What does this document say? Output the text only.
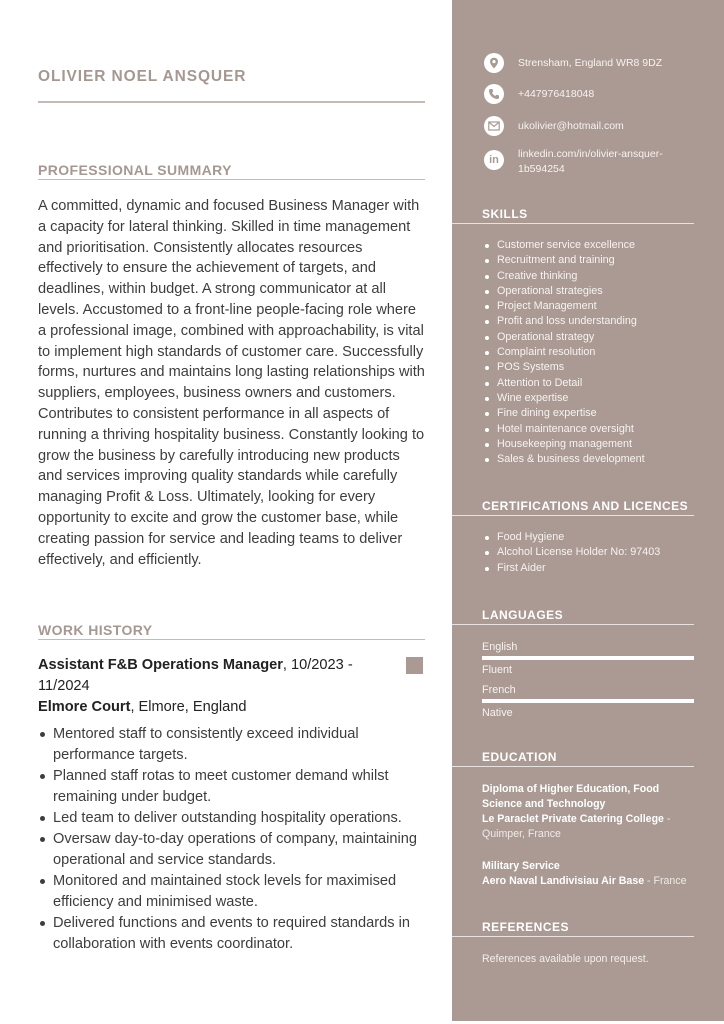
OLIVIER NOEL ANSQUER
PROFESSIONAL SUMMARY

A committed, dynamic and focused Business Manager with a capacity for lateral thinking. Skilled in time management and prioritisation. Consistently allocates resources effectively to ensure the achievement of targets, and deadlines, within budget. A strong communicator at all levels. Accustomed to a front-line people-facing role where a professional image, combined with approachability, is vital to implement high standards of customer care. Successfully forms, nurtures and maintains long lasting relationships with suppliers, employees, business owners and customers. Contributes to consistent performance in all aspects of running a thriving hospitality business. Constantly looking to grow the business by carefully introducing new products and services improving quality standards while carefully managing Profit & Loss. Ultimately, looking for every opportunity to excite and grow the customer base, while creating passion for service and leading teams to deliver effectively, and efficiently.

WORK HISTORY
Assistant F&B Operations Manager, 10/2023 - 11/2024
Elmore Court, Elmore, England
Mentored staff to consistently exceed individual performance targets.
Planned staff rotas to meet customer demand whilst remaining under budget.
Led team to deliver outstanding hospitality operations.
Oversaw day-to-day operations of company, maintaining operational and service standards.
Monitored and maintained stock levels for maximised efficiency and minimised waste.
Delivered functions and events to required standards in collaboration with events coordinator.
Strensham, England WR8 9DZ
+447976418048
ukolivier@hotmail.com
in linkedin.com/in/olivier-ansquer-
1b594254
SKILLS
Customer service excellence
Recruitment and training
Creative thinking
Operational strategies
Project Management
Profit and loss understanding
Operational strategy
Complaint resolution
POS Systems
Attention to Detail
Wine expertise
Fine dining expertise
Hotel maintenance oversight
Housekeeping management
Sales & business development
CERTIFICATIONS AND LICENCES
Food Hygiene
Alcohol License Holder No: 97403
First Aider
LANGUAGES
English
Fluent
French
Native
EDUCATION
Diploma of Higher Education, Food
Science and Technology
Le Paraclet Private Catering College -
Quimper, France
Military Service
Aero Naval Landivisiau Air Base - France
REFERENCES
References available upon request.
